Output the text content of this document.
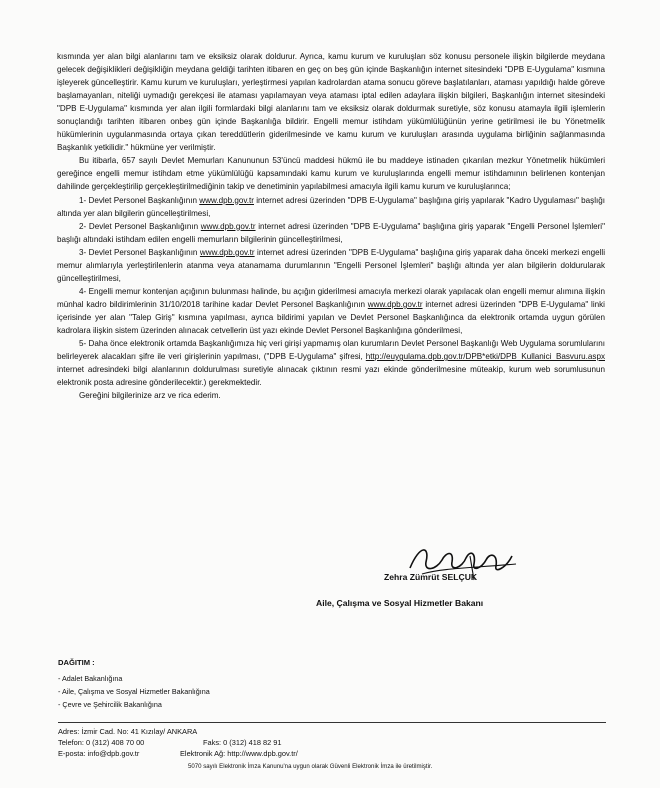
kısmında yer alan bilgi alanlarını tam ve eksiksiz olarak doldurur. Ayrıca, kamu kurum ve kuruluşları söz konusu personele ilişkin bilgilerde meydana gelecek değişiklikleri değişikliğin meydana geldiği tarihten itibaren en geç on beş gün içinde Başkanlığın internet sitesindeki "DPB E-Uygulama" kısmına işleyerek güncelleştirir. Kamu kurum ve kuruluşları, yerleştirmesi yapılan kadrolardan atama sonucu göreve başlatılanları, ataması yapıldığı halde göreve başlamayanları, niteliği uymadığı gerekçesi ile ataması yapılamayan veya ataması iptal edilen adaylara ilişkin bilgileri, Başkanlığın internet sitesindeki "DPB E-Uygulama" kısmında yer alan ilgili formlardaki bilgi alanlarını tam ve eksiksiz olarak doldurmak suretiyle, söz konusu atamayla ilgili işlemlerin sonuçlandığı tarihten itibaren onbeş gün içinde Başkanlığa bildirir. Engelli memur istihdam yükümlülüğünün yerine getirilmesi ile bu Yönetmelik hükümlerinin uygulanmasında ortaya çıkan tereddütlerin giderilmesinde ve kamu kurum ve kuruluşları arasında uygulama birliğinin sağlanmasında Başkanlık yetkilidir." hükmüne yer verilmiştir.

Bu itibarla, 657 sayılı Devlet Memurları Kanununun 53'üncü maddesi hükmü ile bu maddeye istinaden çıkarılan mezkur Yönetmelik hükümleri gereğince engelli memur istihdam etme yükümlülüğü kapsamındaki kamu kurum ve kuruluşlarında engelli memur istihdamının belirlenen kontenjan dahilinde gerçekleştirilip gerçekleştirilmediğinin takip ve denetiminin yapılabilmesi amacıyla ilgili kamu kurum ve kuruluşlarınca;

1- Devlet Personel Başkanlığının www.dpb.gov.tr internet adresi üzerinden "DPB E-Uygulama" başlığına giriş yapılarak "Kadro Uygulaması" başlığı altında yer alan bilgilerin güncelleştirilmesi,

2- Devlet Personel Başkanlığının www.dpb.gov.tr internet adresi üzerinden "DPB E-Uygulama" başlığına giriş yaparak "Engelli Personel İşlemleri" başlığı altındaki istihdam edilen engelli memurların bilgilerinin güncelleştirilmesi,

3- Devlet Personel Başkanlığının www.dpb.gov.tr internet adresi üzerinden "DPB E-Uygulama" başlığına giriş yaparak daha önceki merkezi engelli memur alımlarıyla yerleştirilenlerin atanma veya atanamama durumlarının "Engelli Personel İşlemleri" başlığı altında yer alan bilgilerin doldurularak güncelleştirilmesi,

4- Engelli memur kontenjan açığının bulunması halinde, bu açığın giderilmesi amacıyla merkezi olarak yapılacak olan engelli memur alımına ilişkin münhal kadro bildirimlerinin 31/10/2018 tarihine kadar Devlet Personel Başkanlığının www.dpb.gov.tr internet adresi üzerinden "DPB E-Uygulama" linki içerisinde yer alan "Talep Giriş" kısmına yapılması, ayrıca bildirimi yapılan ve Devlet Personel Başkanlığınca da elektronik ortamda uygun görülen kadrolara ilişkin sistem üzerinden alınacak cetvellerin üst yazı ekinde Devlet Personel Başkanlığına gönderilmesi,

5- Daha önce elektronik ortamda Başkanlığımıza hiç veri girişi yapmamış olan kurumların Devlet Personel Başkanlığı Web Uygulama sorumlularını belirleyerek alacakları şifre ile veri girişlerinin yapılması, ("DPB E-Uygulama" şifresi, http://euygulama.dpb.gov.tr/DPB*etki/DPB_Kullanici_Basvuru.aspx internet adresindeki bilgi alanlarının doldurulması suretiyle alınacak çıktının resmi yazı ekinde gönderilmesine müteakip, kurum web sorumlusunun elektronik posta adresine gönderilecektir.) gerekmektedir.

Gereğini bilgilerinize arz ve rica ederim.

Zehra Zümrüt SELÇUK
Aile, Çalışma ve Sosyal Hizmetler Bakanı
DAĞITIM :
- Adalet Bakanlığına
- Aile, Çalışma ve Sosyal Hizmetler Bakanlığına
- Çevre ve Şehircilik Bakanlığına
Adres: İzmir Cad. No: 41 Kızılay/ ANKARA
Telefon: 0 (312) 408 70 00	Faks: 0 (312) 418 82 91
E-posta: info@dpb.gov.tr	Elektronik Ağ: http://www.dpb.gov.tr/
5070 sayılı Elektronik İmza Kanunu'na uygun olarak Güvenli Elektronik İmza ile üretilmiştir.
